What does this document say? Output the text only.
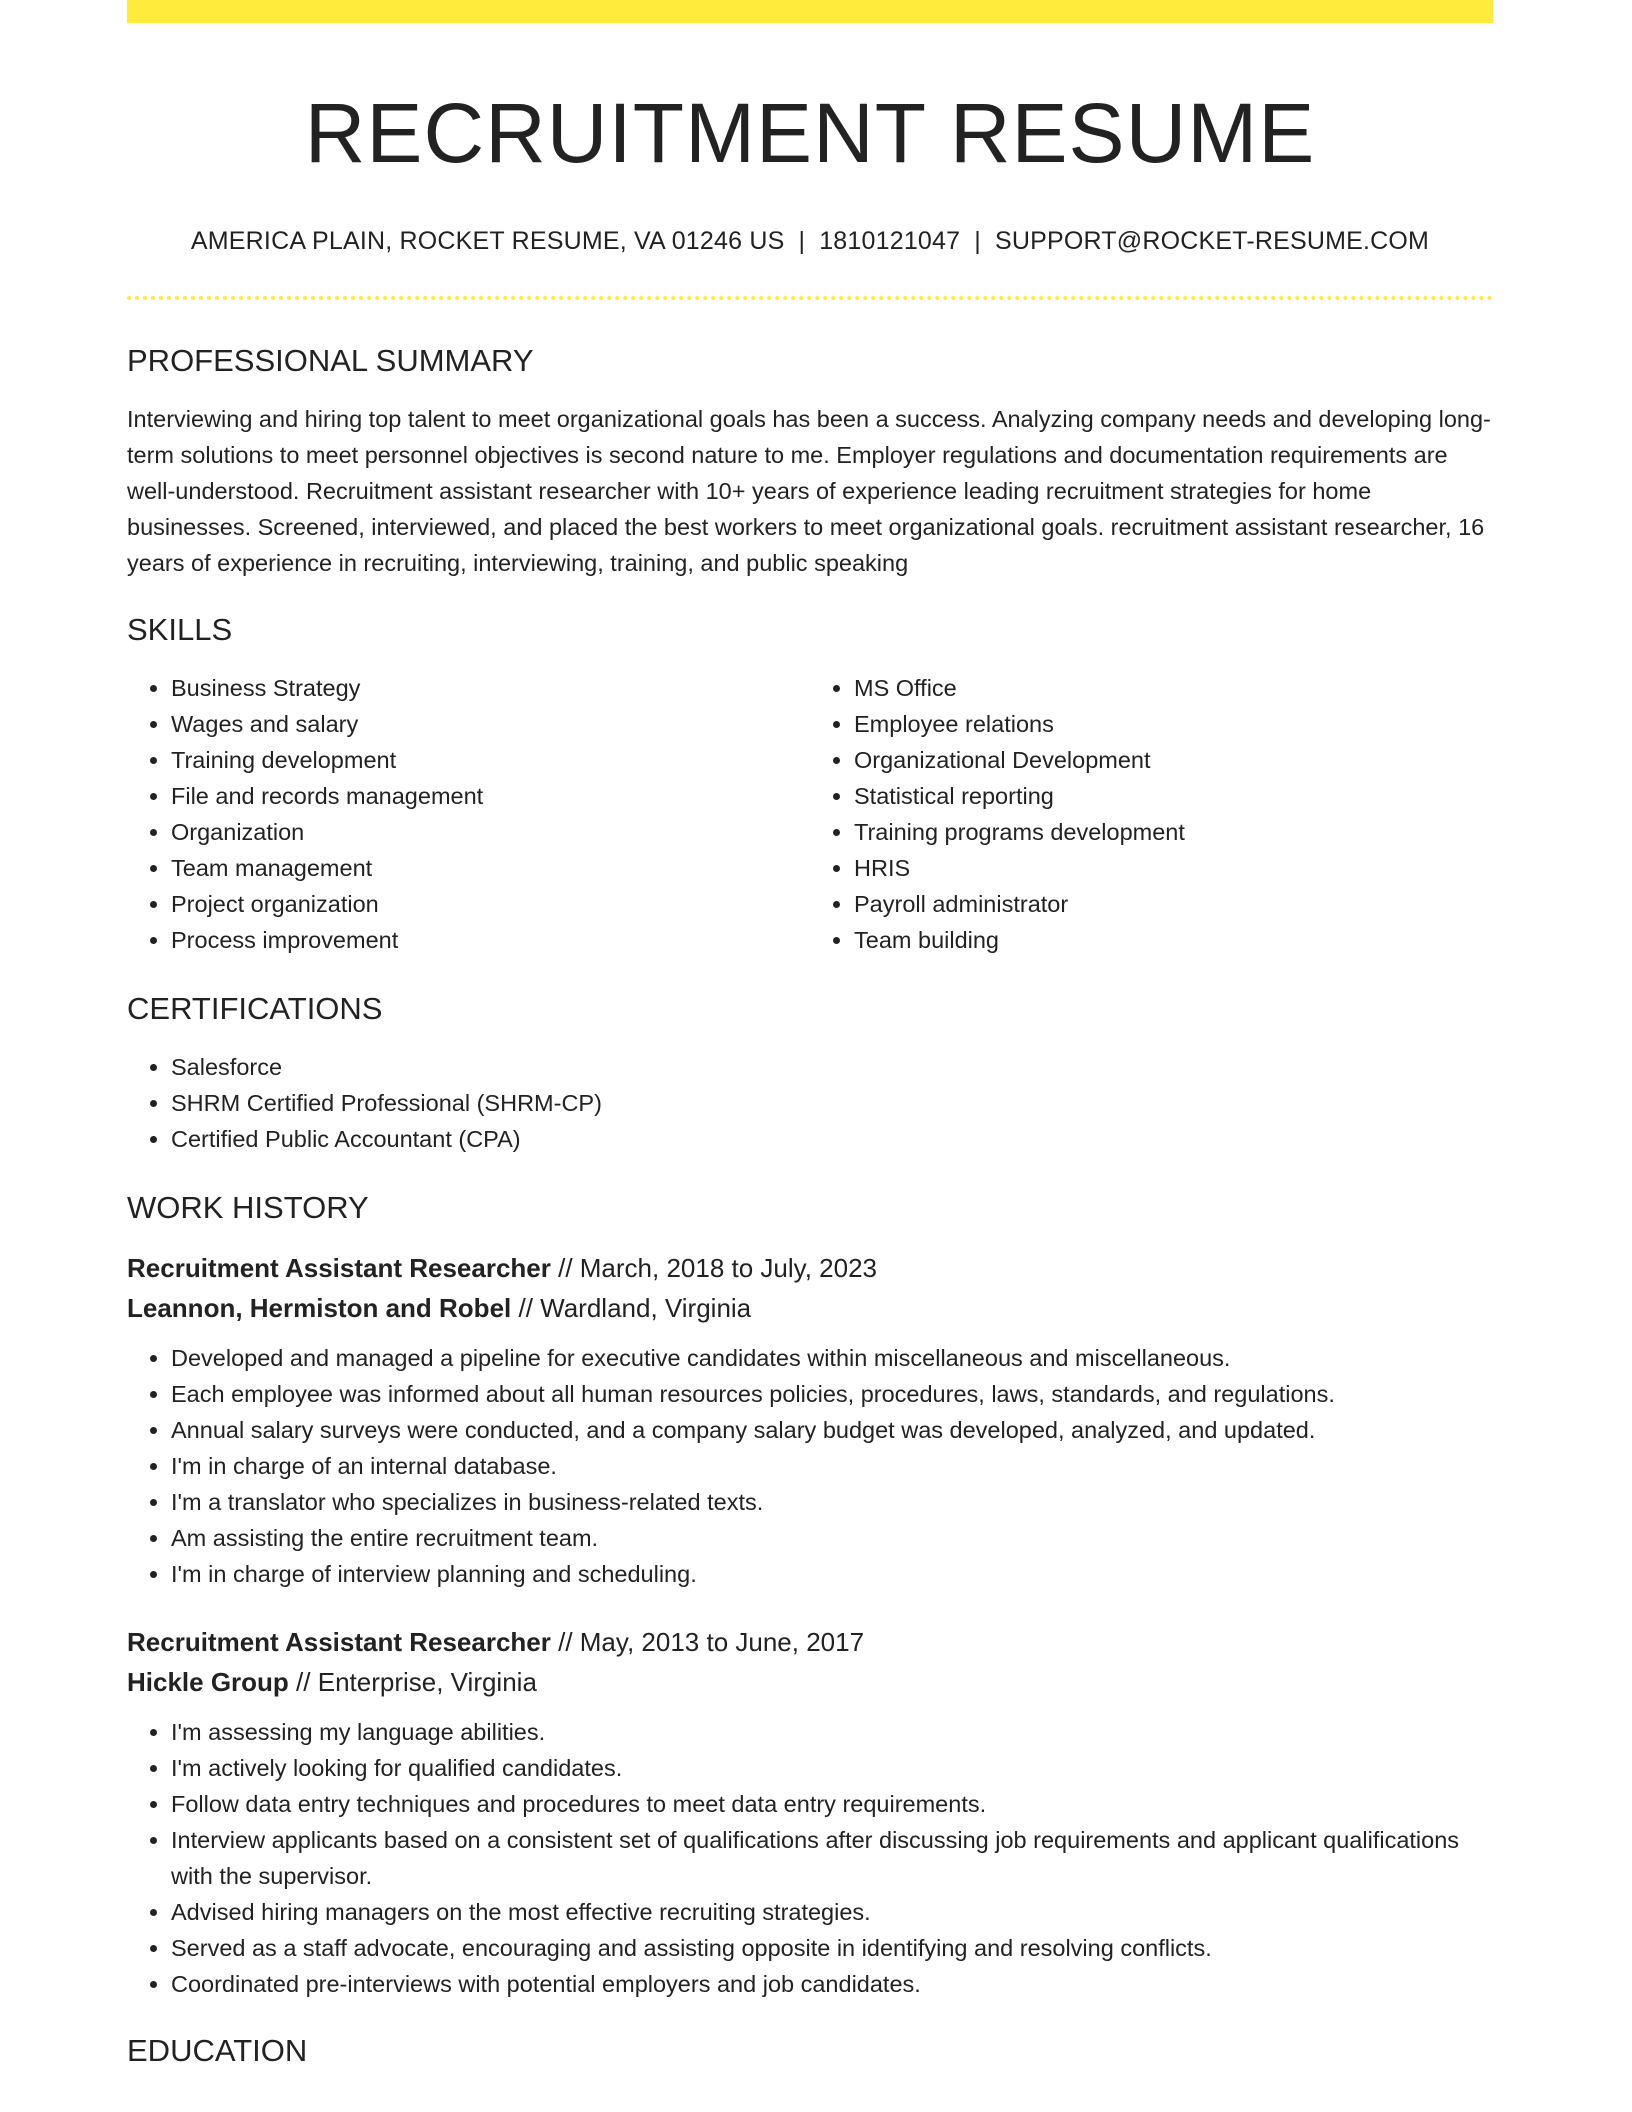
RECRUITMENT RESUME
AMERICA PLAIN, ROCKET RESUME, VA 01246 US | 1810121047 | SUPPORT@ROCKET-RESUME.COM
PROFESSIONAL SUMMARY
Interviewing and hiring top talent to meet organizational goals has been a success. Analyzing company needs and developing long-term solutions to meet personnel objectives is second nature to me. Employer regulations and documentation requirements are well-understood. Recruitment assistant researcher with 10+ years of experience leading recruitment strategies for home businesses. Screened, interviewed, and placed the best workers to meet organizational goals. recruitment assistant researcher, 16 years of experience in recruiting, interviewing, training, and public speaking
SKILLS
• Business Strategy
• Wages and salary
• Training development
• File and records management
• Organization
• Team management
• Project organization
• Process improvement
• MS Office
• Employee relations
• Organizational Development
• Statistical reporting
• Training programs development
• HRIS
• Payroll administrator
• Team building
CERTIFICATIONS
• Salesforce
• SHRM Certified Professional (SHRM-CP)
• Certified Public Accountant (CPA)
WORK HISTORY
Recruitment Assistant Researcher // March, 2018 to July, 2023
Leannon, Hermiston and Robel // Wardland, Virginia
• Developed and managed a pipeline for executive candidates within miscellaneous and miscellaneous.
• Each employee was informed about all human resources policies, procedures, laws, standards, and regulations.
• Annual salary surveys were conducted, and a company salary budget was developed, analyzed, and updated.
• I'm in charge of an internal database.
• I'm a translator who specializes in business-related texts.
• Am assisting the entire recruitment team.
• I'm in charge of interview planning and scheduling.
Recruitment Assistant Researcher // May, 2013 to June, 2017
Hickle Group // Enterprise, Virginia
• I'm assessing my language abilities.
• I'm actively looking for qualified candidates.
• Follow data entry techniques and procedures to meet data entry requirements.
• Interview applicants based on a consistent set of qualifications after discussing job requirements and applicant qualifications with the supervisor.
• Advised hiring managers on the most effective recruiting strategies.
• Served as a staff advocate, encouraging and assisting opposite in identifying and resolving conflicts.
• Coordinated pre-interviews with potential employers and job candidates.
EDUCATION
